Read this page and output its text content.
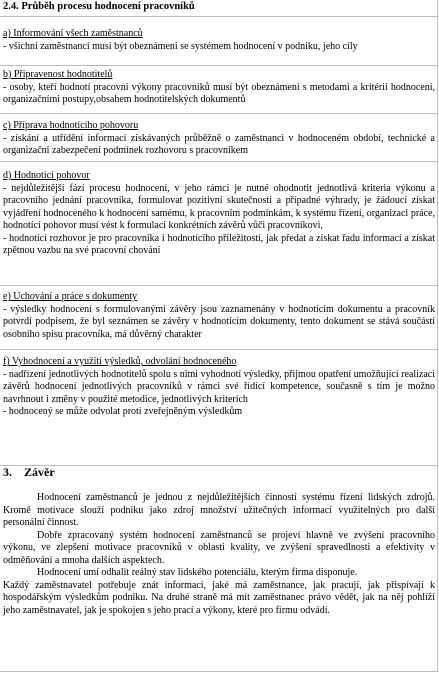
2.4. Průběh procesu hodnocení pracovníků
a) Informování všech zaměstnanců
- všichni zaměstnanci musí být obeznámeni se systémem hodnocení v podniku, jeho cíly
b) Připravenost hodnotitelů
- osoby, kteří hodnotí pracovní výkony pracovníků musí být obeznámeni s metodami a kritérii hodnocení, organizačními postupy,obsahem hodnotitelských dokumentů
c) Příprava hodnotícího pohovoru
- získání a utřídění informací získávaných průběžně o zaměstnanci v hodnoceném období, technické a organizační zabezpečení podmínek rozhovoru s pracovníkem
d) Hodnotící pohovor
- nejdůležitější fází procesu hodnocení, v jeho rámci je nutné ohodnotit jednotlivá kriteria výkonu a pracovního jednání pracovníka, formulovat pozitivní skutečnosti a případné výhrady, je žádoucí získat vyjádření hodnoceného k hodnocení samému, k pracovním podmínkám, k systému řízení, organizaci práce, hodnotící pohovor musí vést k formulaci konkrétních závěrů vůči pracovníkovi,
- hodnotící rozhovor je pro pracovníka i hodnotícího příležitostí, jak předat a získat řadu informací a získat zpětnou vazbu na své pracovní chování
e) Uchování a práce s dokumenty
- výsledky hodnocení s formulovanými závěry jsou zaznamenány v hodnotícím dokumentu a pracovník potvrdí podpisem, že byl seznámen se závěry v hodnotícím dokumenty, tento dokument se stává součástí osobního spisu pracovníka, má důvěrný charakter
f) Vyhodnocení a využití výsledků, odvolání hodnoceného
- nadřízení jednotlivých hodnotitelů spolu s nimi vyhodnotí výsledky, přijmou opatření umožňující realizaci závěrů hodnocení jednotlivých pracovníků v rámci své řídící kompetence, současně s tím je možno navrhnout i změny v použité metodice, jednotlivých kriterích
- hodnocený se může odvolat proti zveřejněným výsledkům
3.    Závěr
Hodnocení zaměstnanců je jednou z nejdůležitějších činností systému řízení lidských zdrojů. Kromě motivace slouží podniku jako zdroj množství užitečných informací využitelných pro další personální činnost.
Dobře zpracovaný systém hodnocení zaměstnanců se projeví hlavně ve zvýšení pracovního výkonu, ve zlepšení motivace pracovníků v oblasti kvality, ve zvýšení spravedlnosti a efektivity v odměňování a mnoha dalších aspektech.
Hodnocení umí odhalit reálný stav lidského potenciálu, kterým firma disponuje.
Každý zaměstnavatel potřebuje znát informaci, jaké má zaměstnance, jak pracují, jak přispívají k hospodářským výsledkům podniku. Na druhé straně má mít zaměstnanec právo vědět, jak na něj pohlíží jeho zaměstnavatel, jak je spokojen s jeho prací a výkony, které pro firmu odvádí.
